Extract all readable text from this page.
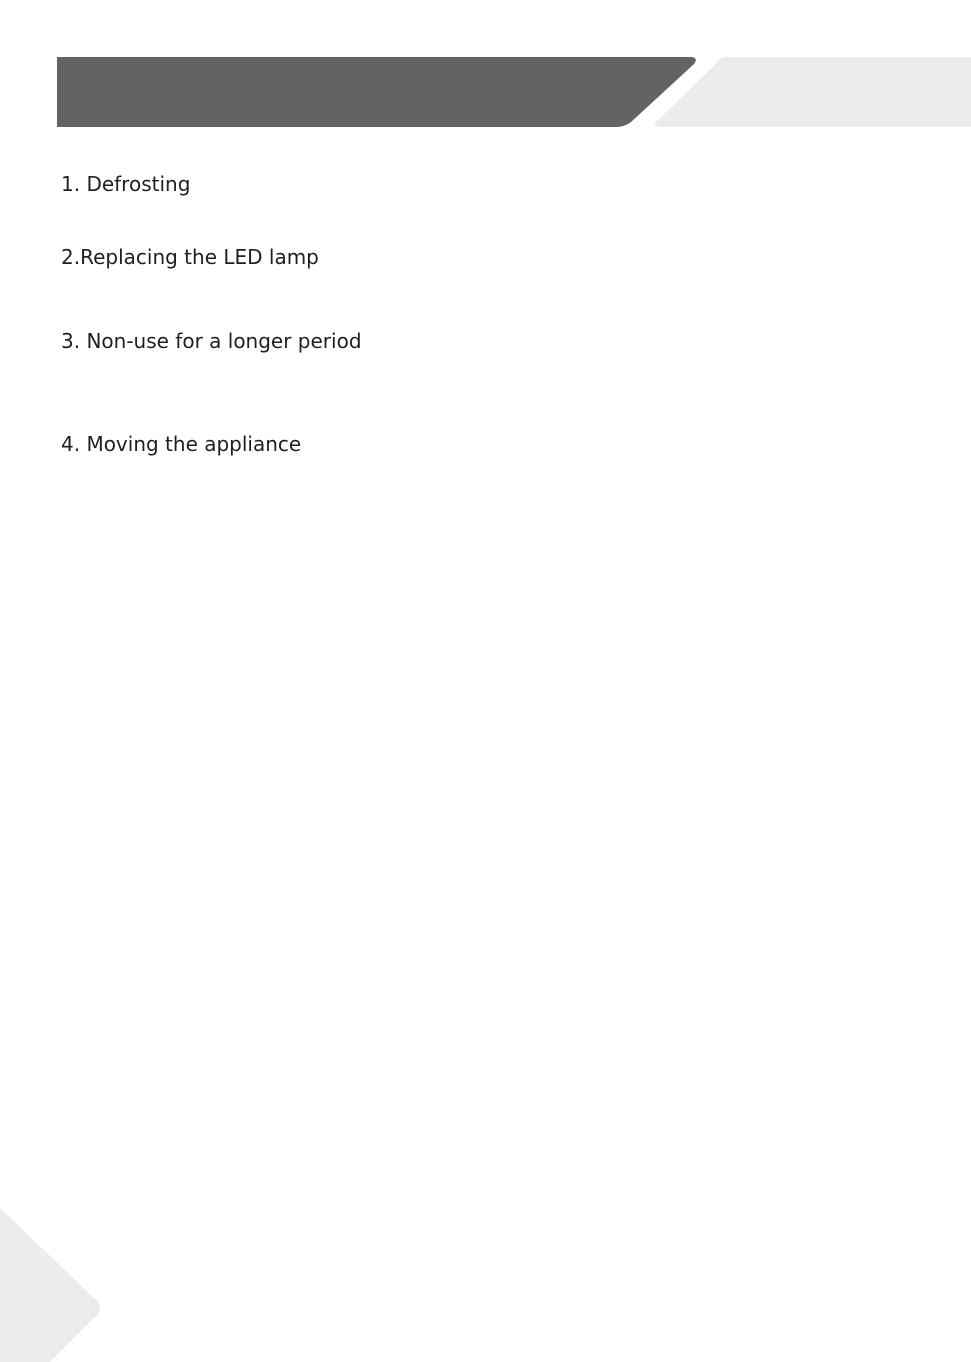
1. Defrosting
2.Replacing the LED lamp
3. Non-use for a longer period
4. Moving the appliance
